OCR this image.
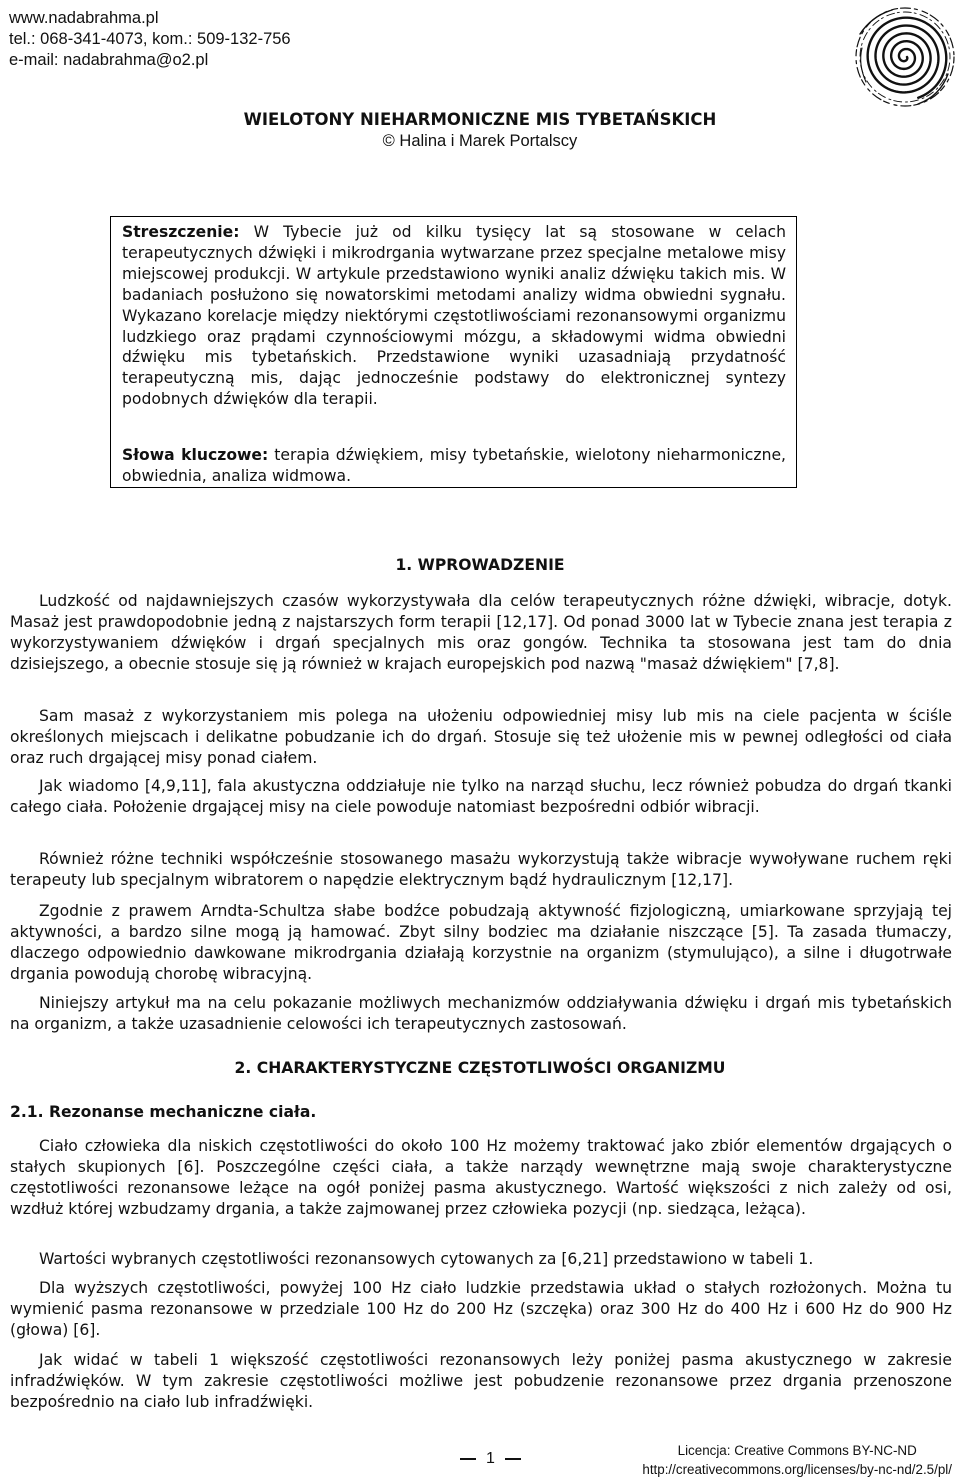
www.nadabrahma.pl
tel.: 068-341-4073, kom.: 509-132-756
e-mail: nadabrahma@o2.pl
WIELOTONY NIEHARMONICZNE MIS TYBETAŃSKICH
© Halina i Marek Portalscy
Streszczenie: W Tybecie już od kilku tysięcy lat są stosowane w celach terapeutycznych dźwięki i mikrodrgania wytwarzane przez specjalne metalowe misy miejscowej produkcji. W artykule przedstawiono wyniki analiz dźwięku takich mis. W badaniach posłużono się nowatorskimi metodami analizy widma obwiedni sygnału. Wykazano korelacje między niektórymi częstotliwościami rezonansowymi organizmu ludzkiego oraz prądami czynnościowymi mózgu, a składowymi widma obwiedni dźwięku mis tybetańskich. Przedstawione wyniki uzasadniają przydatność terapeutyczną mis, dając jednocześnie podstawy do elektronicznej syntezy podobnych dźwięków dla terapii.
Słowa kluczowe: terapia dźwiękiem, misy tybetańskie, wielotony nieharmoniczne, obwiednia, analiza widmowa.
1. WPROWADZENIE
Ludzkość od najdawniejszych czasów wykorzystywała dla celów terapeutycznych różne dźwięki, wibracje, dotyk. Masaż jest prawdopodobnie jedną z najstarszych form terapii [12,17]. Od ponad 3000 lat w Tybecie znana jest terapia z wykorzystywaniem dźwięków i drgań specjalnych mis oraz gongów. Technika ta stosowana jest tam do dnia dzisiejszego, a obecnie stosuje się ją również w krajach europejskich pod nazwą "masaż dźwiękiem" [7,8].
Sam masaż z wykorzystaniem mis polega na ułożeniu odpowiedniej misy lub mis na ciele pacjenta w ściśle określonych miejscach i delikatne pobudzanie ich do drgań. Stosuje się też ułożenie mis w pewnej odległości od ciała oraz ruch drgającej misy ponad ciałem.
Jak wiadomo [4,9,11], fala akustyczna oddziałuje nie tylko na narząd słuchu, lecz również pobudza do drgań tkanki całego ciała. Położenie drgającej misy na ciele powoduje natomiast bezpośredni odbiór wibracji.
Również różne techniki współcześnie stosowanego masażu wykorzystują także wibracje wywoływane ruchem ręki terapeuty lub specjalnym wibratorem o napędzie elektrycznym bądź hydraulicznym [12,17].
Zgodnie z prawem Arndta-Schultza słabe bodźce pobudzają aktywność fizjologiczną, umiarkowane sprzyjają tej aktywności, a bardzo silne mogą ją hamować. Zbyt silny bodziec ma działanie niszczące [5]. Ta zasada tłumaczy, dlaczego odpowiednio dawkowane mikrodrgania działają korzystnie na organizm (stymulująco), a silne i długotrwałe drgania powodują chorobę wibracyjną.
Niniejszy artykuł ma na celu pokazanie możliwych mechanizmów oddziaływania dźwięku i drgań mis tybetańskich na organizm, a także uzasadnienie celowości ich terapeutycznych zastosowań.
2. CHARAKTERYSTYCZNE CZĘSTOTLIWOŚCI ORGANIZMU
2.1. Rezonanse mechaniczne ciała.
Ciało człowieka dla niskich częstotliwości do około 100 Hz możemy traktować jako zbiór elementów drgających o stałych skupionych [6]. Poszczególne części ciała, a także narządy wewnętrzne mają swoje charakterystyczne częstotliwości rezonansowe leżące na ogół poniżej pasma akustycznego. Wartość większości z nich zależy od osi, wzdłuż której wzbudzamy drgania, a także zajmowanej przez człowieka pozycji (np. siedząca, leżąca).
Wartości wybranych częstotliwości rezonansowych cytowanych za [6,21] przedstawiono w tabeli 1.
Dla wyższych częstotliwości, powyżej 100 Hz ciało ludzkie przedstawia układ o stałych rozłożonych. Można tu wymienić pasma rezonansowe w przedziale 100 Hz do 200 Hz (szczęka) oraz 300 Hz do 400 Hz i 600 Hz do 900 Hz (głowa) [6].
Jak widać w tabeli 1 większość częstotliwości rezonansowych leży poniżej pasma akustycznego w zakresie infradźwięków. W tym zakresie częstotliwości możliwe jest pobudzenie rezonansowe przez drgania przenoszone bezpośrednio na ciało lub infradźwięki.
1	Licencja: Creative Commons BY-NC-ND
http://creativecommons.org/licenses/by-nc-nd/2.5/pl/
